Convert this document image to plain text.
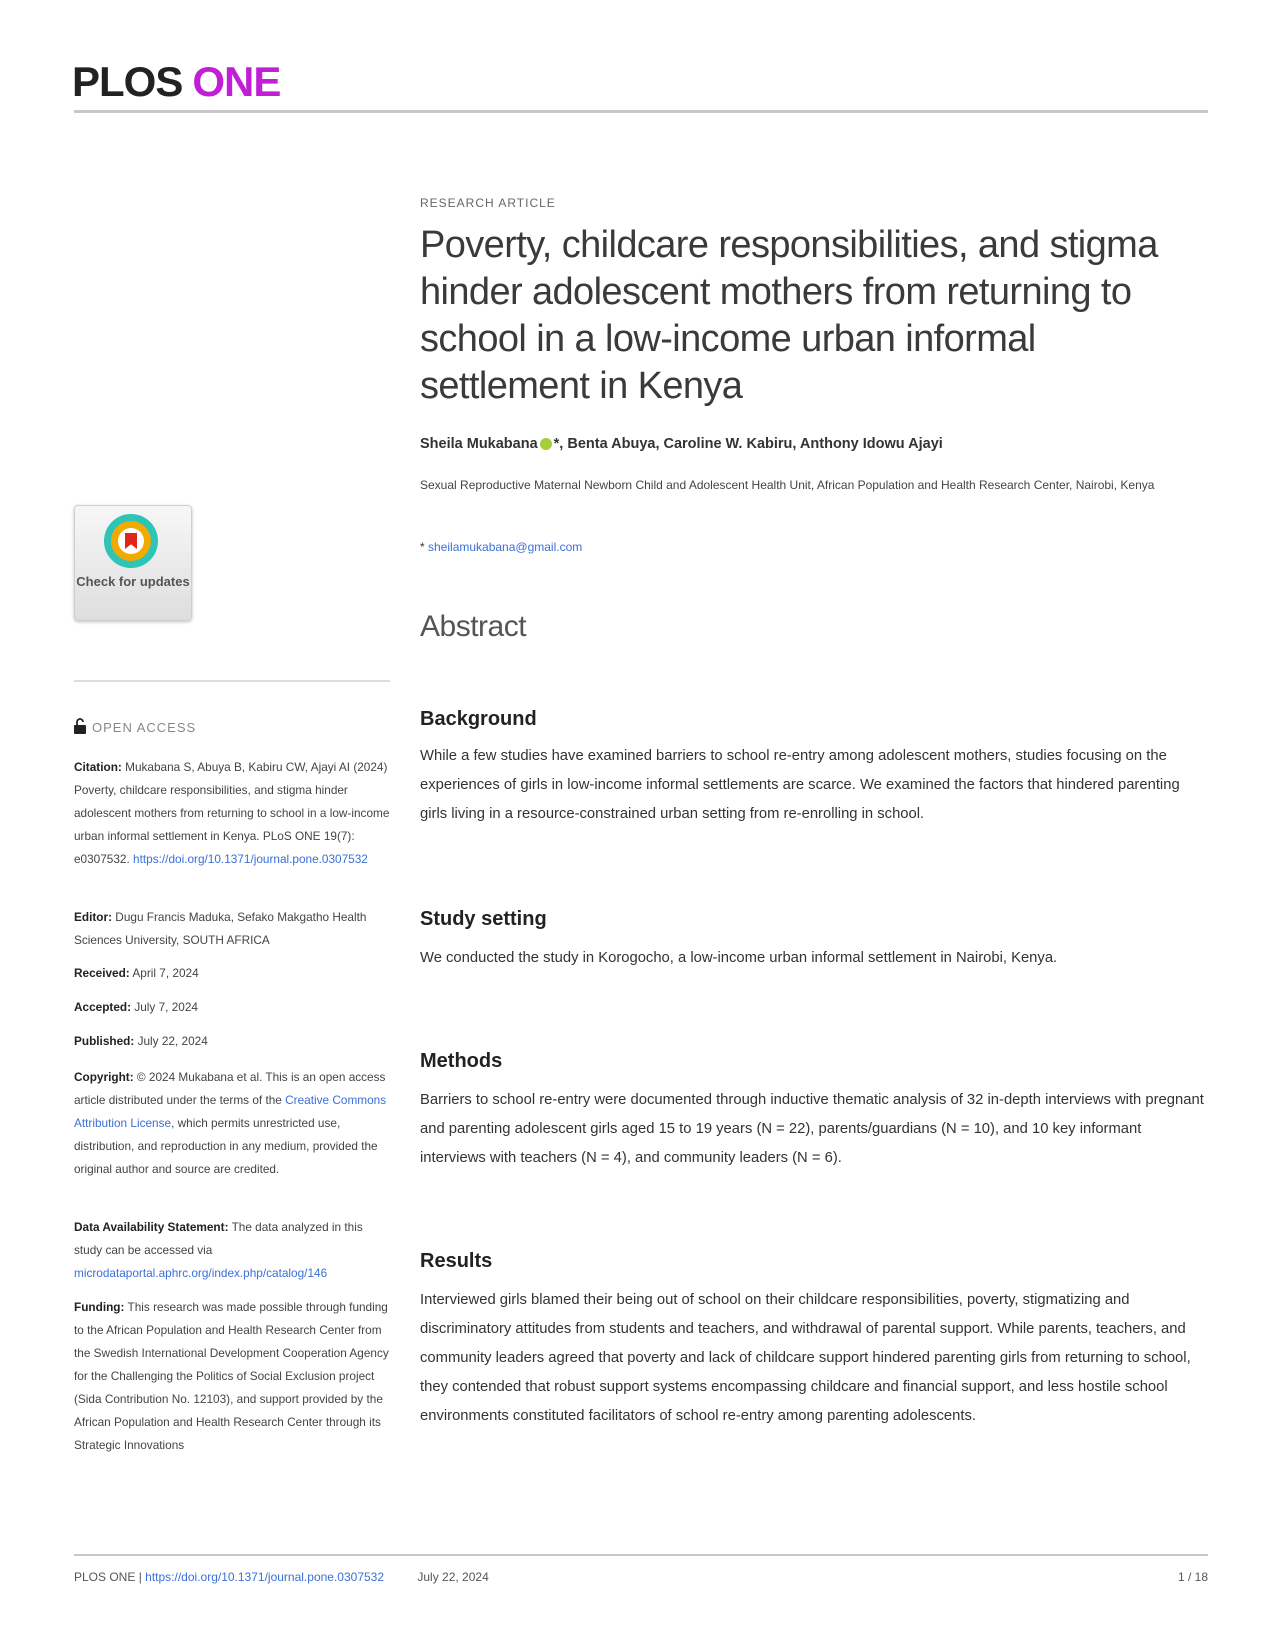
PLOS ONE
RESEARCH ARTICLE
Poverty, childcare responsibilities, and stigma hinder adolescent mothers from returning to school in a low-income urban informal settlement in Kenya
Sheila Mukabana *, Benta Abuya, Caroline W. Kabiru, Anthony Idowu Ajayi
Sexual Reproductive Maternal Newborn Child and Adolescent Health Unit, African Population and Health Research Center, Nairobi, Kenya
* sheilamukabana@gmail.com
Abstract
Background
While a few studies have examined barriers to school re-entry among adolescent mothers, studies focusing on the experiences of girls in low-income informal settlements are scarce. We examined the factors that hindered parenting girls living in a resource-constrained urban setting from re-enrolling in school.
Study setting
We conducted the study in Korogocho, a low-income urban informal settlement in Nairobi, Kenya.
Methods
Barriers to school re-entry were documented through inductive thematic analysis of 32 in-depth interviews with pregnant and parenting adolescent girls aged 15 to 19 years (N = 22), parents/guardians (N = 10), and 10 key informant interviews with teachers (N = 4), and community leaders (N = 6).
Results
Interviewed girls blamed their being out of school on their childcare responsibilities, poverty, stigmatizing and discriminatory attitudes from students and teachers, and withdrawal of parental support. While parents, teachers, and community leaders agreed that poverty and lack of childcare support hindered parenting girls from returning to school, they contended that robust support systems encompassing childcare and financial support, and less hostile school environments constituted facilitators of school re-entry among parenting adolescents.
Check for updates
OPEN ACCESS
Citation: Mukabana S, Abuya B, Kabiru CW, Ajayi AI (2024) Poverty, childcare responsibilities, and stigma hinder adolescent mothers from returning to school in a low-income urban informal settlement in Kenya. PLoS ONE 19(7): e0307532. https://doi.org/10.1371/journal.pone.0307532
Editor: Dugu Francis Maduka, Sefako Makgatho Health Sciences University, SOUTH AFRICA
Received: April 7, 2024
Accepted: July 7, 2024
Published: July 22, 2024
Copyright: © 2024 Mukabana et al. This is an open access article distributed under the terms of the Creative Commons Attribution License, which permits unrestricted use, distribution, and reproduction in any medium, provided the original author and source are credited.
Data Availability Statement: The data analyzed in this study can be accessed via microdataportal.aphrc.org/index.php/catalog/146
Funding: This research was made possible through funding to the African Population and Health Research Center from the Swedish International Development Cooperation Agency for the Challenging the Politics of Social Exclusion project (Sida Contribution No. 12103), and support provided by the African Population and Health Research Center through its Strategic Innovations
PLOS ONE | https://doi.org/10.1371/journal.pone.0307532	July 22, 2024	1 / 18
